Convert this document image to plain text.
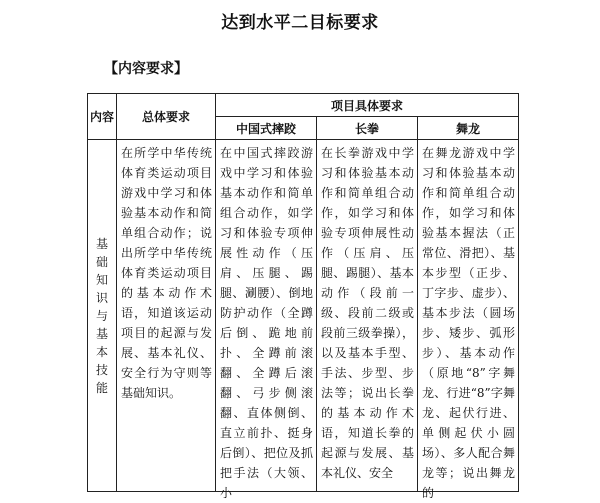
达到水平二目标要求
【内容要求】
内容	总体要求	项目具体要求		
		中国式摔跤	长拳	舞龙
基础知识与基本技能	在所学中华传统体育类运动项目游戏中学习和体验基本动作和简单组合动作；说出所学中华传统体育类运动项目的基本动作术语，知道该运动项目的起源与发展、基本礼仪、安全行为守则等基础知识。	在中国式摔跤游戏中学习和体验基本动作和简单组合动作，如学习和体验专项伸展性动作（压肩、压腿、踢腿、涮腰）、倒地防护动作（全蹲后倒、跪地前扑、全蹲前滚翻、全蹲后滚翻、弓步侧滚翻、直体侧倒、直立前扑、挺身后倒）、把位及抓把手法（大领、小	在长拳游戏中学习和体验基本动作和简单组合动作，如学习和体验专项伸展性动作（压肩、压腿、踢腿）、基本动作（段前一级、段前二级或段前三级拳操），以及基本手型、手法、步型、步法等；说出长拳的基本动作术语，知道长拳的起源与发展、基本礼仪、安全	在舞龙游戏中学习和体验基本动作和简单组合动作，如学习和体验基本握法（正常位、滑把）、基本步型（正步、丁字步、虚步）、基本步法（圆场步、矮步、弧形步）、基本动作（原地“8”字舞龙、行进“8”字舞龙、起伏行进、单侧起伏小圆场）、多人配合舞龙等；说出舞龙的
